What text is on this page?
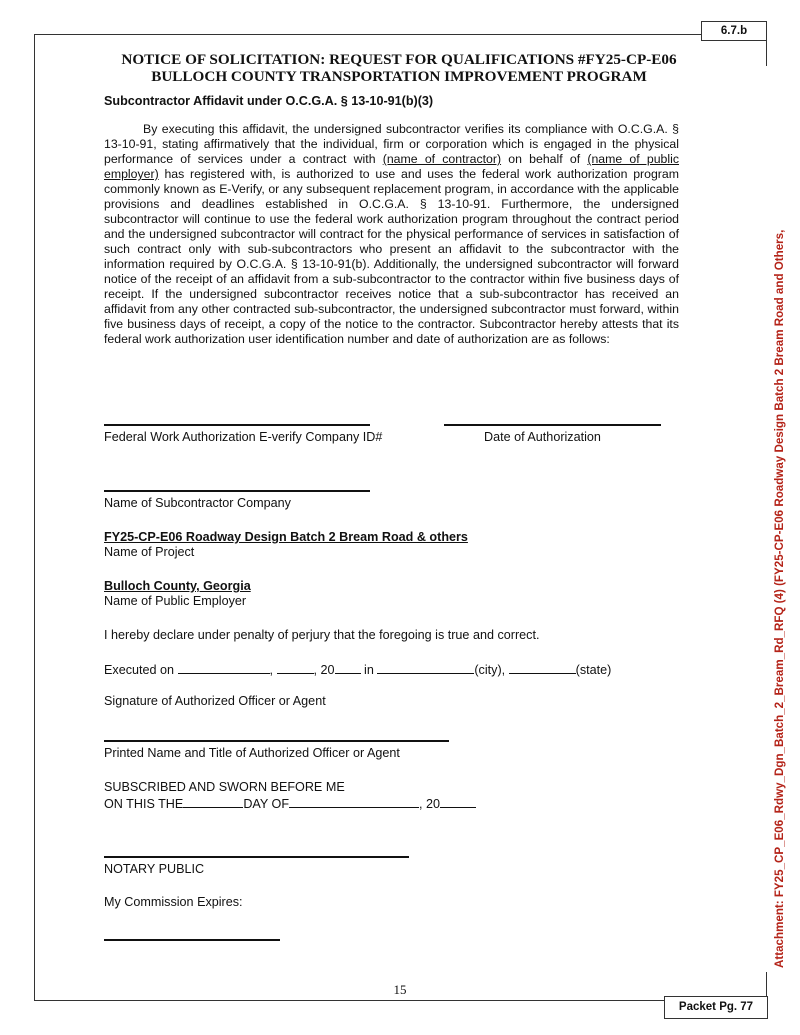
6.7.b
Packet Pg. 77
Attachment: FY25_CP_E06_Rdwy_Dgn_Batch_2_Bream_Rd_RFQ (4) (FY25-CP-E06 Roadway Design Batch 2 Bream Road and Others,
NOTICE OF SOLICITATION: REQUEST FOR QUALIFICATIONS #FY25-CP-E06
BULLOCH COUNTY TRANSPORTATION IMPROVEMENT PROGRAM
Subcontractor Affidavit under O.C.G.A. § 13-10-91(b)(3)
By executing this affidavit, the undersigned subcontractor verifies its compliance with O.C.G.A. § 13-10-91, stating affirmatively that the individual, firm or corporation which is engaged in the physical performance of services under a contract with (name of contractor) on behalf of (name of public employer) has registered with, is authorized to use and uses the federal work authorization program commonly known as E-Verify, or any subsequent replacement program, in accordance with the applicable provisions and deadlines established in O.C.G.A. § 13-10-91. Furthermore, the undersigned subcontractor will continue to use the federal work authorization program throughout the contract period and the undersigned subcontractor will contract for the physical performance of services in satisfaction of such contract only with sub-subcontractors who present an affidavit to the subcontractor with the information required by O.C.G.A. § 13-10-91(b). Additionally, the undersigned subcontractor will forward notice of the receipt of an affidavit from a sub-subcontractor to the contractor within five business days of receipt. If the undersigned subcontractor receives notice that a sub-subcontractor has received an affidavit from any other contracted sub-subcontractor, the undersigned subcontractor must forward, within five business days of receipt, a copy of the notice to the contractor. Subcontractor hereby attests that its federal work authorization user identification number and date of authorization are as follows:
Federal Work Authorization E-verify Company ID#	Date of Authorization
Name of Subcontractor Company
FY25-CP-E06 Roadway Design Batch 2 Bream Road & others
Name of Project
Bulloch County, Georgia
Name of Public Employer
I hereby declare under penalty of perjury that the foregoing is true and correct.
Executed on	,	, 20 in	(city),	(state)
Signature of Authorized Officer or Agent
Printed Name and Title of Authorized Officer or Agent
SUBSCRIBED AND SWORN BEFORE ME
ON THIS THE	DAY OF	, 20
NOTARY PUBLIC
My Commission Expires:
15
